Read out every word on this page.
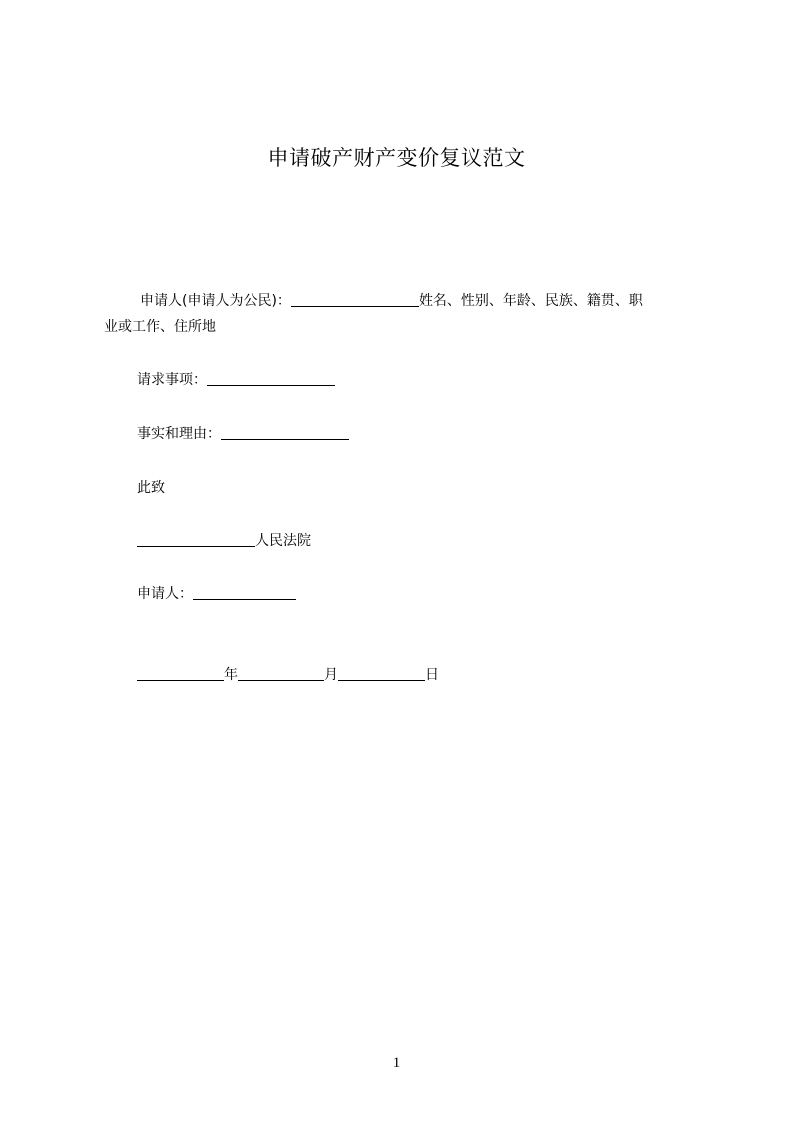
申请破产财产变价复议范文
申请人(申请人为公民)：	姓名、性别、年龄、民族、籍贯、职
业或工作、住所地
请求事项：
事实和理由：
此致
人民法院
申请人：
年	月	日
1
